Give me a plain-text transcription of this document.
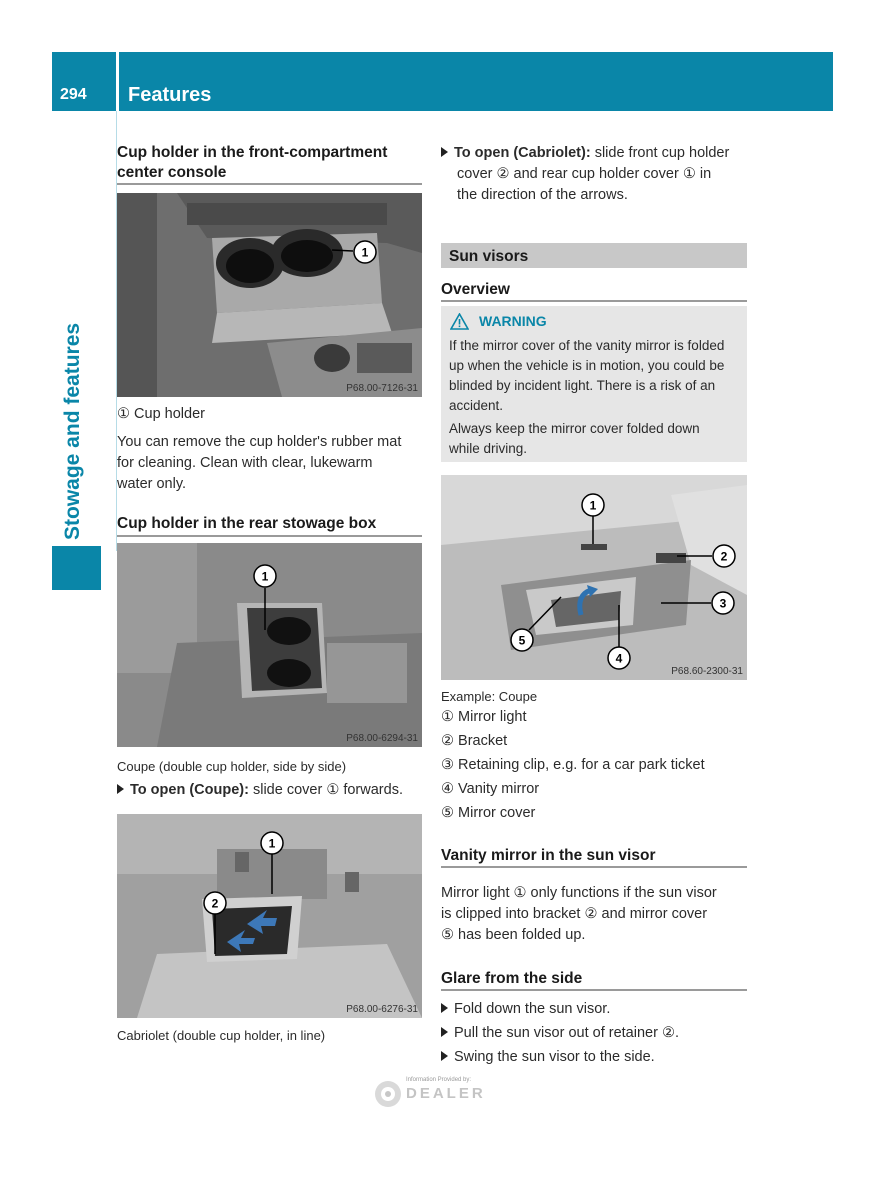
294	Features
Stowage and features
Cup holder in the front-compartment
center console
1
P68.00-7126-31
① Cup holder
You can remove the cup holder's rubber mat
for cleaning. Clean with clear, lukewarm
water only.
Cup holder in the rear stowage box
1
P68.00-6294-31
Coupe (double cup holder, side by side)
To open (Coupe): slide cover ① forwards.
1
2
P68.00-6276-31
Cabriolet (double cup holder, in line)
To open (Cabriolet): slide front cup holder
cover ② and rear cup holder cover ① in
the direction of the arrows.
Sun visors
Overview
WARNING
If the mirror cover of the vanity mirror is folded
up when the vehicle is in motion, you could be
blinded by incident light. There is a risk of an
accident.
Always keep the mirror cover folded down
while driving.
1
2
3
4
5
P68.60-2300-31
Example: Coupe
① Mirror light
② Bracket
③ Retaining clip, e.g. for a car park ticket
④ Vanity mirror
⑤ Mirror cover
Vanity mirror in the sun visor
Mirror light ① only functions if the sun visor
is clipped into bracket ② and mirror cover
⑤ has been folded up.
Glare from the side
Fold down the sun visor.
Pull the sun visor out of retainer ②.
Swing the sun visor to the side.
Information Provided by:
DEALER
